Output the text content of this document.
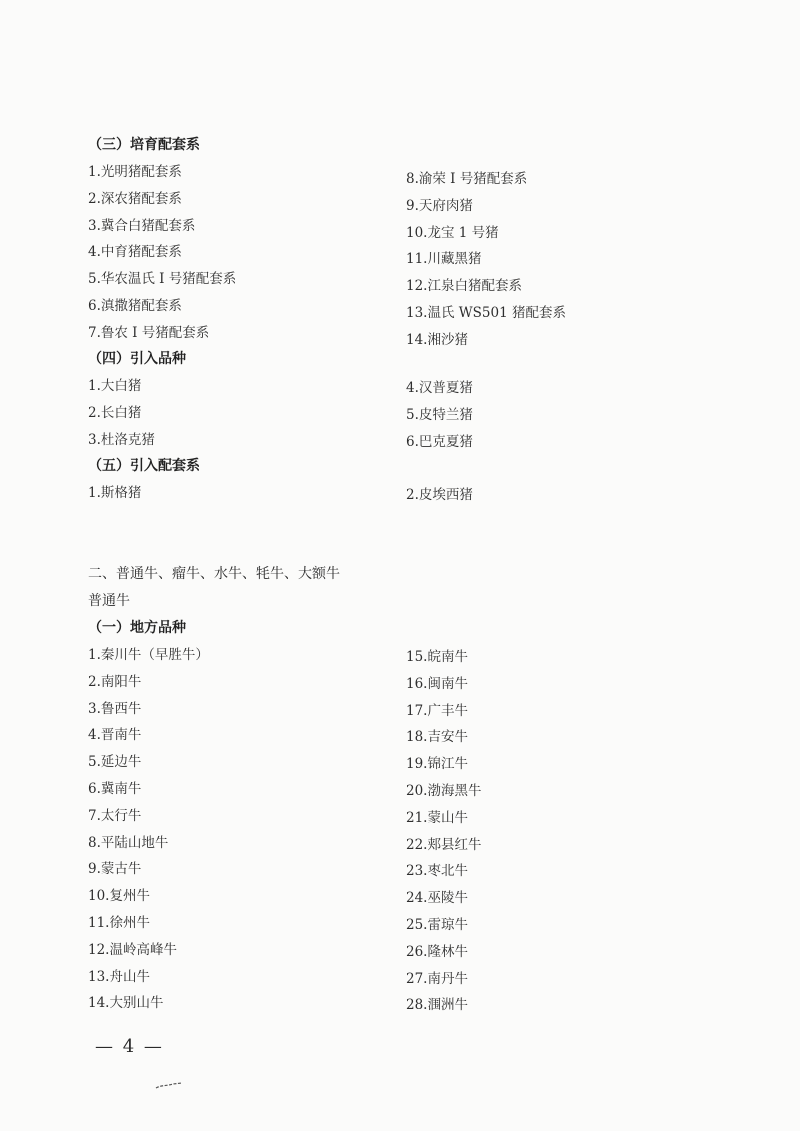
（三）培育配套系
1.光明猪配套系
2.深农猪配套系
3.冀合白猪配套系
4.中育猪配套系
5.华农温氏 I 号猪配套系
6.滇撒猪配套系
7.鲁农 I 号猪配套系
8.渝荣 I 号猪配套系
9.天府肉猪
10.龙宝 1 号猪
11.川藏黑猪
12.江泉白猪配套系
13.温氏 WS501 猪配套系
14.湘沙猪
（四）引入品种
1.大白猪
2.长白猪
3.杜洛克猪
4.汉普夏猪
5.皮特兰猪
6.巴克夏猪
（五）引入配套系
1.斯格猪	2.皮埃西猪
二、普通牛、瘤牛、水牛、牦牛、大额牛
普通牛
（一）地方品种
1.秦川牛（早胜牛）
2.南阳牛
3.鲁西牛
4.晋南牛
5.延边牛
6.冀南牛
7.太行牛
8.平陆山地牛
9.蒙古牛
10.复州牛
11.徐州牛
12.温岭高峰牛
13.舟山牛
14.大别山牛
15.皖南牛
16.闽南牛
17.广丰牛
18.吉安牛
19.锦江牛
20.渤海黑牛
21.蒙山牛
22.郏县红牛
23.枣北牛
24.巫陵牛
25.雷琼牛
26.隆林牛
27.南丹牛
28.涠洲牛
— 4 —
